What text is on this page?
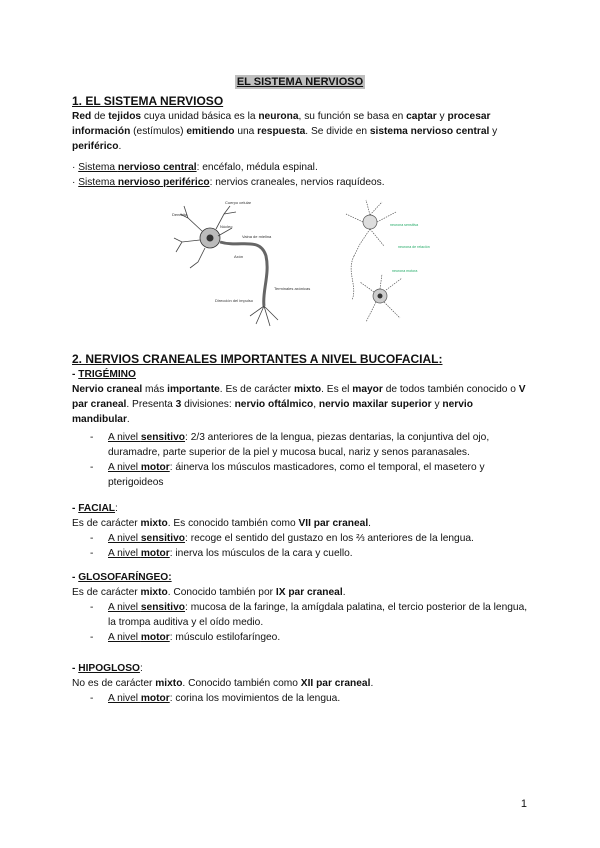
EL SISTEMA NERVIOSO
1. EL SISTEMA NERVIOSO

Red de tejidos cuya unidad básica es la neurona, su función se basa en captar y procesar información (estímulos) emitiendo una respuesta. Se divide en sistema nervioso central y periférico.

· Sistema nervioso central: encéfalo, médula espinal.

· Sistema nervioso periférico: nervios craneales, nervios raquídeos.

Dendrita
Cuerpo celular
Núcleo
Vaina de mielina
Axón
Terminales axónicas
Dirección del impulso
neurona sensitiva
neurona de relación
neurona motora
2. NERVIOS CRANEALES IMPORTANTES A NIVEL BUCOFACIAL:

- TRIGÉMINO

Nervio craneal más importante. Es de carácter mixto. Es el mayor de todos también conocido o V par craneal. Presenta 3 divisiones: nervio oftálmico, nervio maxilar superior y nervio mandibular.

- A nivel sensitivo: 2/3 anteriores de la lengua, piezas dentarias, la conjuntiva del ojo, duramadre, parte superior de la piel y mucosa bucal, nariz y senos paranasales.
- A nivel motor: áinerva los músculos masticadores, como el temporal, el masetero y pterigoideos

- FACIAL:

Es de carácter mixto. Es conocido también como VII par craneal.

- A nivel sensitivo: recoge el sentido del gustazo en los ⅔ anteriores de la lengua.
- A nivel motor: inerva los músculos de la cara y cuello.

- GLOSOFARÍNGEO:

Es de carácter mixto. Conocido también por IX par craneal.

- A nivel sensitivo: mucosa de la faringe, la amígdala palatina, el tercio posterior de la lengua, la trompa auditiva y el oído medio.
- A nivel motor: músculo estilofaríngeo.

- HIPOGLOSO:

No es de carácter mixto. Conocido también como XII par craneal.

- A nivel motor: corina los movimientos de la lengua.
1
